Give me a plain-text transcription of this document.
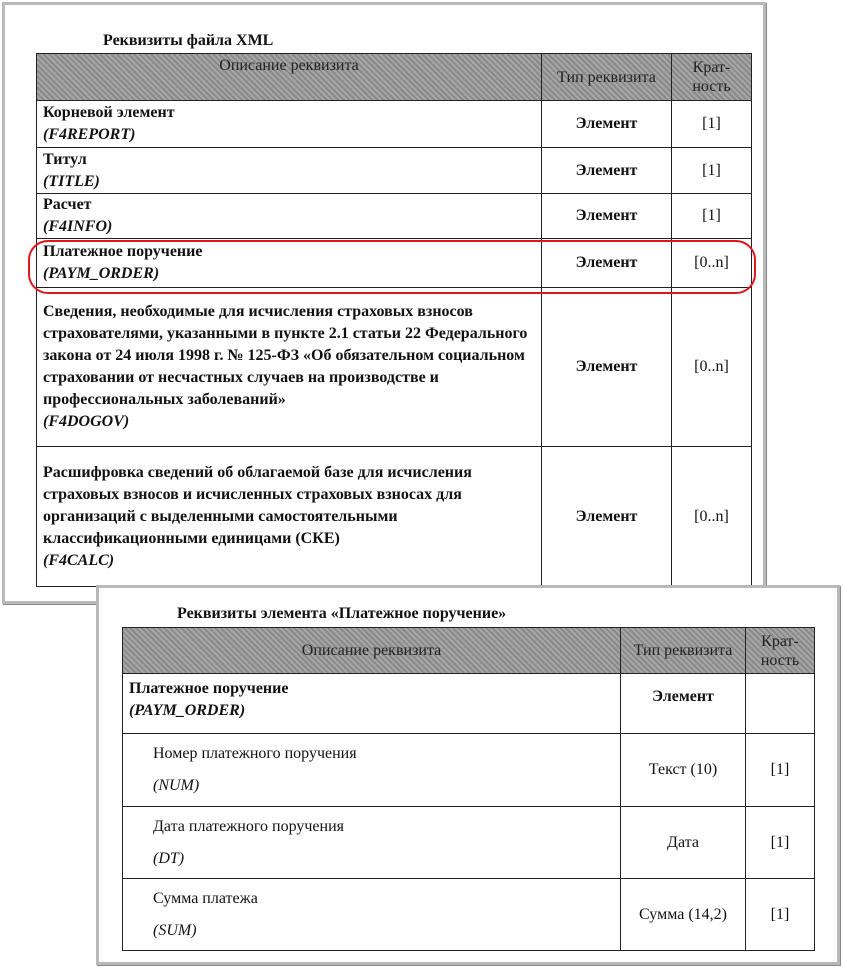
Реквизиты файла XML
Описание реквизита	Тип реквизита	Крат-ность
Корневой элемент
(F4REPORT)	Элемент	[1]
Титул
(TITLE)	Элемент	[1]
Расчет
(F4INFO)	Элемент	[1]
Платежное поручение
(PAYM_ORDER)	Элемент	[0..n]
Сведения, необходимые для исчисления страховых взносов страхователями, указанными в пункте 2.1 статьи 22 Федерального закона от 24 июля 1998 г. № 125-ФЗ «Об обязательном социальном страховании от несчастных случаев на производстве и профессиональных заболеваний»
(F4DOGOV)	Элемент	[0..n]
Расшифровка сведений об облагаемой базе для исчисления страховых взносов и исчисленных страховых взносах для организаций с выделенными самостоятельными классификационными единицами (СКЕ)
(F4CALC)	Элемент	[0..n]
Реквизиты элемента «Платежное поручение»
Описание реквизита	Тип реквизита	Крат-ность
Платежное поручение
(PAYM_ORDER)	Элемент	
Номер платежного поручения
(NUM)	Текст (10)	[1]
Дата платежного поручения
(DT)	Дата	[1]
Сумма платежа
(SUM)	Сумма (14,2)	[1]
